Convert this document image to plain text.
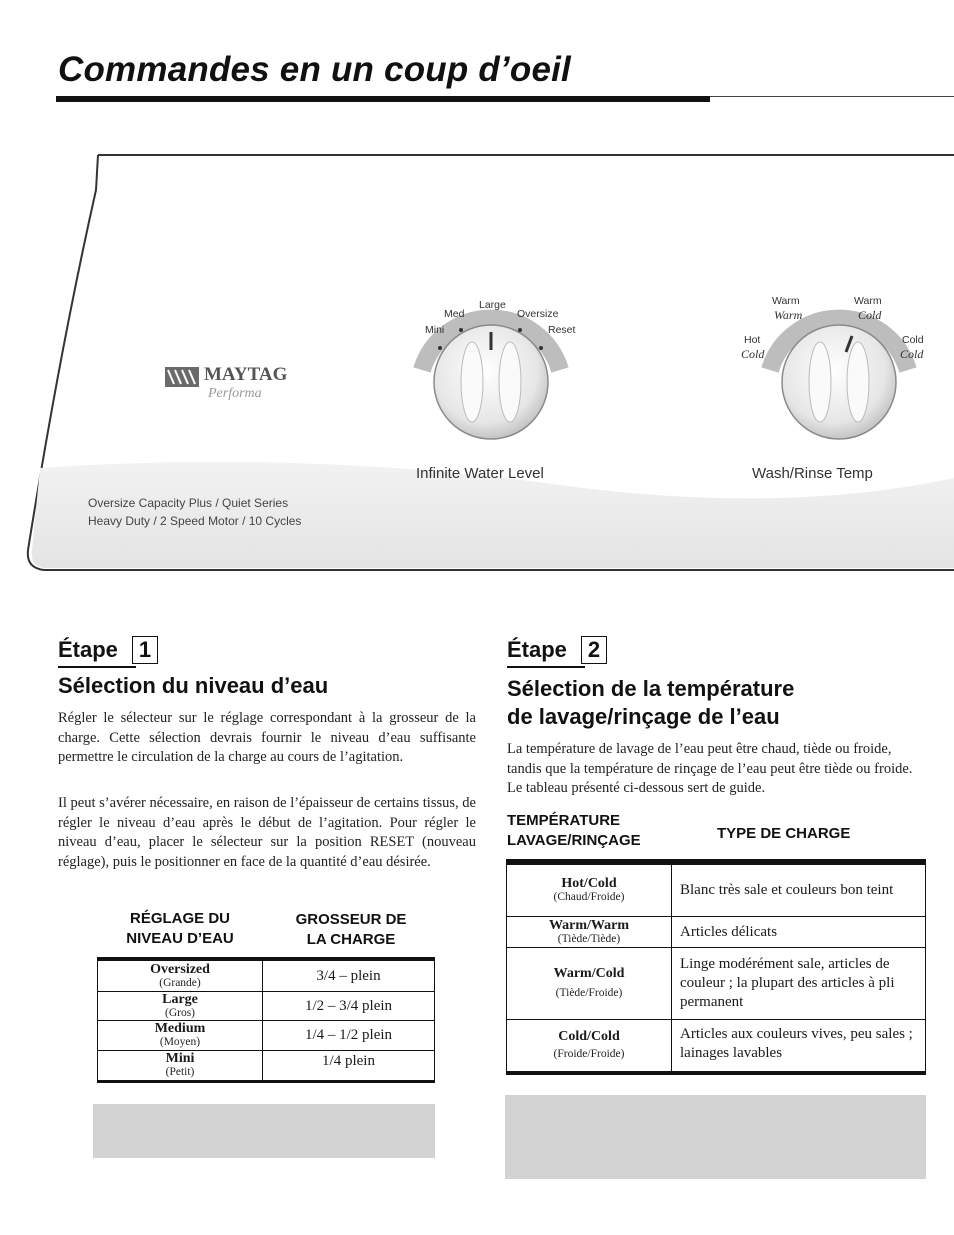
Commandes en un coup d’oeil
Mini
Med
Large
Oversize
Reset
Hot
Cold
Warm
Warm
Warm
Cold
Cold
Cold
MAYTAG
Performa
Infinite Water Level	Wash/Rinse Temp
Oversize Capacity Plus / Quiet Series
Heavy Duty / 2 Speed Motor / 10 Cycles
Étape 1
Sélection du niveau d’eau

Régler le sélecteur sur le réglage correspondant à la grosseur de la charge. Cette sélection devrais fournir le niveau d’eau suffisante permettre le circulation de la charge au cours de l’agitation.

Il peut s’avérer nécessaire, en raison de l’épaisseur de certains tissus, de régler le niveau d’eau après le début de l’agitation. Pour régler le niveau d’eau, placer le sélecteur sur la position RESET (nouveau réglage), puis le positionner en face de la quantité d’eau désirée.

RÉGLAGE DU
NIVEAU D’EAU
GROSSEUR DE
LA CHARGE
Oversized
(Grande)	3/4 – plein

Large
(Gros)	1/2 – 3/4 plein

Medium
(Moyen)	1/4 – 1/2 plein

Mini
(Petit)	1/4 plein
Étape 2
Sélection de la température
de lavage/rinçage de l’eau

La température de lavage de l’eau peut être chaud, tiède ou froide, tandis que la température de rinçage de l’eau peut être tiède ou froide. Le tableau présenté ci-dessous sert de guide.

TEMPÉRATURE
LAVAGE/RINÇAGE	TYPE DE CHARGE
Hot/Cold
(Chaud/Froide)	Blanc très sale et couleurs bon teint

Warm/Warm
(Tiède/Tiède)	Articles délicats

Warm/Cold
(Tiède/Froide)	Linge modérément sale, articles de couleur ; la plupart des articles à pli permanent

Cold/Cold
(Froide/Froide)	Articles aux couleurs vives, peu sales ; lainages lavables
